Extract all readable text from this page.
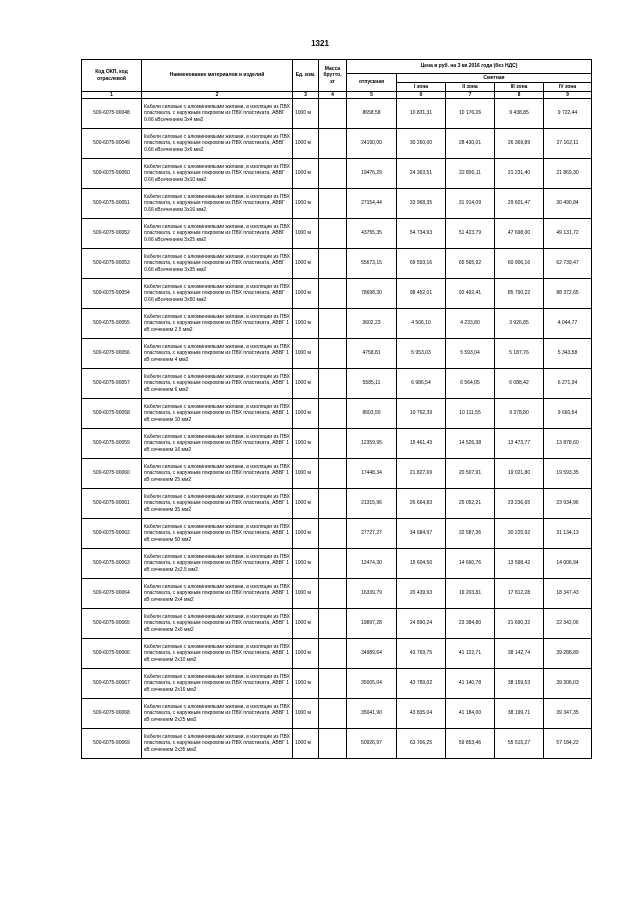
1321
Код ОКП, код отраслевой	Наименование материалов и изделий	Ед. изм.	Масса брутто, кг	Цена в руб. на 3 кв 2016 года (без НДС)				
				отпускная	Сметная			
					I зона	II зона	III зона	IV зона
1	2	3	4	5	6	7	8	9
500-6075-90048	Кабели силовые с алюминиевыми жилами, в изоляции из ПВХ пластиката, с наружным покровом из ПВХ пластиката, АВВГ 0.66 кВсечением 3х4 мм2	1000 м		8658,58	10 831,31	10 176,26	9 438,85	9 722,44
500-6075-90049	Кабели силовые с алюминиевыми жилами, в изоляции из ПВХ пластиката, с наружным покровом из ПВХ пластиката, АВВГ 0.66 кВсечением 3х6 мм2	1000 м		24190,00	30 260,00	28 430,01	26 369,89	27 162,11
500-6075-90050	Кабели силовые с алюминиевыми жилами, в изоляции из ПВХ пластиката, с наружным покровом из ПВХ пластиката, АВВГ 0.66 кВсечением 3х10 мм2	1000 м		19476,29	24 363,51	22 890,11	21 231,40	21 869,30
500-6075-90051	Кабели силовые с алюминиевыми жилами, в изоляции из ПВХ пластиката, с наружным покровом из ПВХ пластиката, АВВГ 0.66 кВсечением 3х16 мм2	1000 м		27154,44	33 968,35	31 914,09	29 601,47	30 490,84
500-6075-90052	Кабели силовые с алюминиевыми жилами, в изоляции из ПВХ пластиката, с наружным покровом из ПВХ пластиката, АВВГ 0.66 кВсечением 3х25 мм2	1000 м		43755,35	54 734,93	51 423,79	47 698,00	49 131,72
500-6075-90053	Кабели силовые с алюминиевыми жилами, в изоляции из ПВХ пластиката, с наружным покровом из ПВХ пластиката, АВВГ 0.66 кВсечением 3х35 мм2	1000 м		55673,15	69 593,16	65 565,92	60 906,16	62 739,47
500-6075-90054	Кабели силовые с алюминиевыми жилами, в изоляции из ПВХ пластиката, с наружным покровом из ПВХ пластиката, АВВГ 0.66 кВсечением 3х50 мм2	1000 м		78698,30	98 452,01	92 492,41	85 790,22	88 372,65
500-6075-90055	Кабели силовые с алюминиевыми жилами, в изоляции из ПВХ пластиката, с наружным покровом из ПВХ пластиката, АВВГ 1 кВ сечением 2.5 мм2	1000 м		3602,23	4 506,10	4 233,80	3 926,85	4 044,77
500-6075-90056	Кабели силовые с алюминиевыми жилами, в изоляции из ПВХ пластиката, с наружным покровом из ПВХ пластиката, АВВГ 1 кВ сечением 4 мм2	1000 м		4758,81	5 953,03	5 593,04	5 187,76	5 343,58
500-6075-90057	Кабели силовые с алюминиевыми жилами, в изоляции из ПВХ пластиката, с наружным покровом из ПВХ пластиката, АВВГ 1 кВ сечением 6 мм2	1000 м		5585,11	6 986,54	6 564,05	6 088,42	6 271,34
500-6075-90058	Кабели силовые с алюминиевыми жилами, в изоляции из ПВХ пластиката, с наружным покровом из ПВХ пластиката, АВВГ 1 кВ сечением 10 мм2	1000 м		8603,50	10 762,39	10 111,55	9 378,80	9 660,54
500-6075-90059	Кабели силовые с алюминиевыми жилами, в изоляции из ПВХ пластиката, с наружным покровом из ПВХ пластиката, АВВГ 1 кВ сечением 16 мм2	1000 м		12359,95	15 461,43	14 526,38	13 473,77	13 878,60
500-6075-90060	Кабели силовые с алюминиевыми жилами, в изоляции из ПВХ пластиката, с наружным покровом из ПВХ пластиката, АВВГ 1 кВ сечением 25 мм2	1000 м		17448,34	21 827,69	20 507,91	19 021,80	19 593,35
500-6075-90061	Кабели силовые с алюминиевыми жилами, в изоляции из ПВХ пластиката, с наружным покровом из ПВХ пластиката, АВВГ 1 кВ сечением 35 мм2	1000 м		21315,96	26 664,83	25 052,21	23 236,65	23 934,96
500-6075-90062	Кабели силовые с алюминиевыми жилами, в изоляции из ПВХ пластиката, с наружным покровом из ПВХ пластиката, АВВГ 1 кВ сечением 50 мм2	1000 м		27727,27	34 684,97	32 587,36	30 225,92	31 134,13
500-6075-90063	Кабели силовые с алюминиевыми жилами, в изоляции из ПВХ пластиката, с наружным покровом из ПВХ пластиката, АВВГ 1 кВ сечением 2х2.5 мм2	1000 м		12474,30	15 604,50	14 660,76	13 598,42	14 006,94
500-6075-90064	Кабели силовые с алюминиевыми жилами, в изоляции из ПВХ пластиката, с наружным покровом из ПВХ пластиката, АВВГ 1 кВ сечением 2х4 мм2	1000 м		16339,79	20 439,93	19 203,81	17 812,28	18 347,43
500-6075-90065	Кабели силовые с алюминиевыми жилами, в изоляции из ПВХ пластиката, с наружным покровом из ПВХ пластиката, АВВГ 1 кВ сечением 2х6 мм2	1000 м		19897,28	24 890,24	23 384,80	21 690,32	22 342,06
500-6075-90066	Кабели силовые с алюминиевыми жилами, в изоляции из ПВХ пластиката, с наружным покровом из ПВХ пластиката, АВВГ 1 кВ сечением 2х10 мм2	1000 м		34989,64	43 769,75	41 122,71	38 142,74	39 288,89
500-6075-90067	Кабели силовые с алюминиевыми жилами, в изоляции из ПВХ пластиката, с наружным покровом из ПВХ пластиката, АВВГ 1 кВ сечением 2х16 мм2	1000 м		35005,04	43 789,02	41 140,78	38 159,53	39 306,03
500-6075-90068	Кабели силовые с алюминиевыми жилами, в изоляции из ПВХ пластиката, с наружным покровом из ПВХ пластиката, АВВГ 1 кВ сечением 2х25 мм2	1000 м		35041,90	43 835,04	41 184,00	38 199,71	39 347,35
500-6075-90069	Кабели силовые с алюминиевыми жилами, в изоляции из ПВХ пластиката, с наружным покровом из ПВХ пластиката, АВВГ 1 кВ сечением 2х35 мм2	1000 м		50926,97	63 706,25	59 853,46	55 515,27	57 184,22
